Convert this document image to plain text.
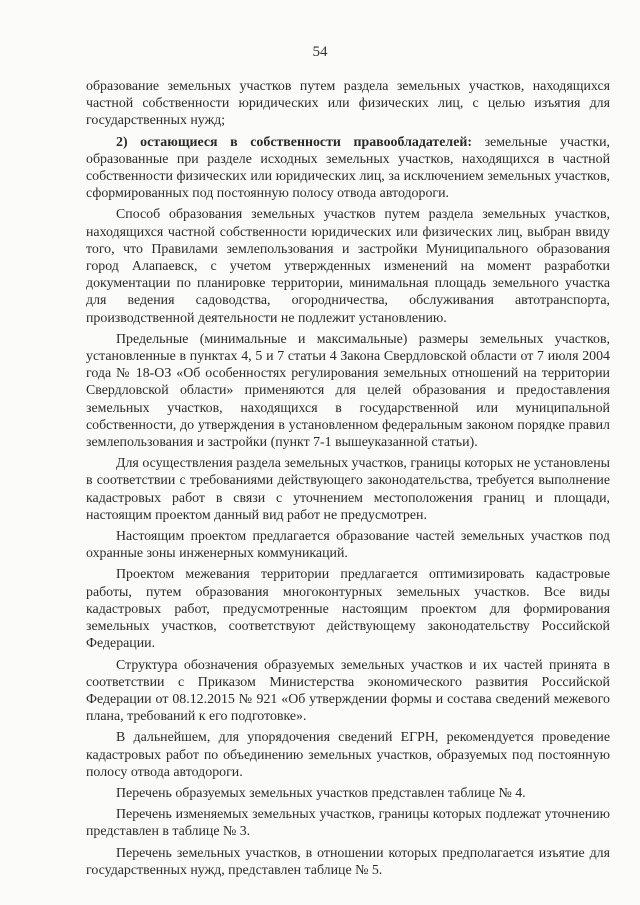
54

образование земельных участков путем раздела земельных участков, находящихся частной собственности юридических или физических лиц, с целью изъятия для государственных нужд;

2) остающиеся в собственности правообладателей: земельные участки, образованные при разделе исходных земельных участков, находящихся в частной собственности физических или юридических лиц, за исключением земельных участков, сформированных под постоянную полосу отвода автодороги.

Способ образования земельных участков путем раздела земельных участков, находящихся частной собственности юридических или физических лиц, выбран ввиду того, что Правилами землепользования и застройки Муниципального образования город Алапаевск, с учетом утвержденных изменений на момент разработки документации по планировке территории, минимальная площадь земельного участка для ведения садоводства, огородничества, обслуживания автотранспорта, производственной деятельности не подлежит установлению.

Предельные (минимальные и максимальные) размеры земельных участков, установленные в пунктах 4, 5 и 7 статьи 4 Закона Свердловской области от 7 июля 2004 года № 18-ОЗ «Об особенностях регулирования земельных отношений на территории Свердловской области» применяются для целей образования и предоставления земельных участков, находящихся в государственной или муниципальной собственности, до утверждения в установленном федеральным законом порядке правил землепользования и застройки (пункт 7-1 вышеуказанной статьи).

Для осуществления раздела земельных участков, границы которых не установлены в соответствии с требованиями действующего законодательства, требуется выполнение кадастровых работ в связи с уточнением местоположения границ и площади, настоящим проектом данный вид работ не предусмотрен.

Настоящим проектом предлагается образование частей земельных участков под охранные зоны инженерных коммуникаций.

Проектом межевания территории предлагается оптимизировать кадастровые работы, путем образования многоконтурных земельных участков. Все виды кадастровых работ, предусмотренные настоящим проектом для формирования земельных участков, соответствуют действующему законодательству Российской Федерации.

Структура обозначения образуемых земельных участков и их частей принята в соответствии с Приказом Министерства экономического развития Российской Федерации от 08.12.2015 № 921 «Об утверждении формы и состава сведений межевого плана, требований к его подготовке».

В дальнейшем, для упорядочения сведений ЕГРН, рекомендуется проведение кадастровых работ по объединению земельных участков, образуемых под постоянную полосу отвода автодороги.

Перечень образуемых земельных участков представлен таблице № 4.

Перечень изменяемых земельных участков, границы которых подлежат уточнению представлен в таблице № 3.

Перечень земельных участков, в отношении которых предполагается изъятие для государственных нужд, представлен таблице № 5.
